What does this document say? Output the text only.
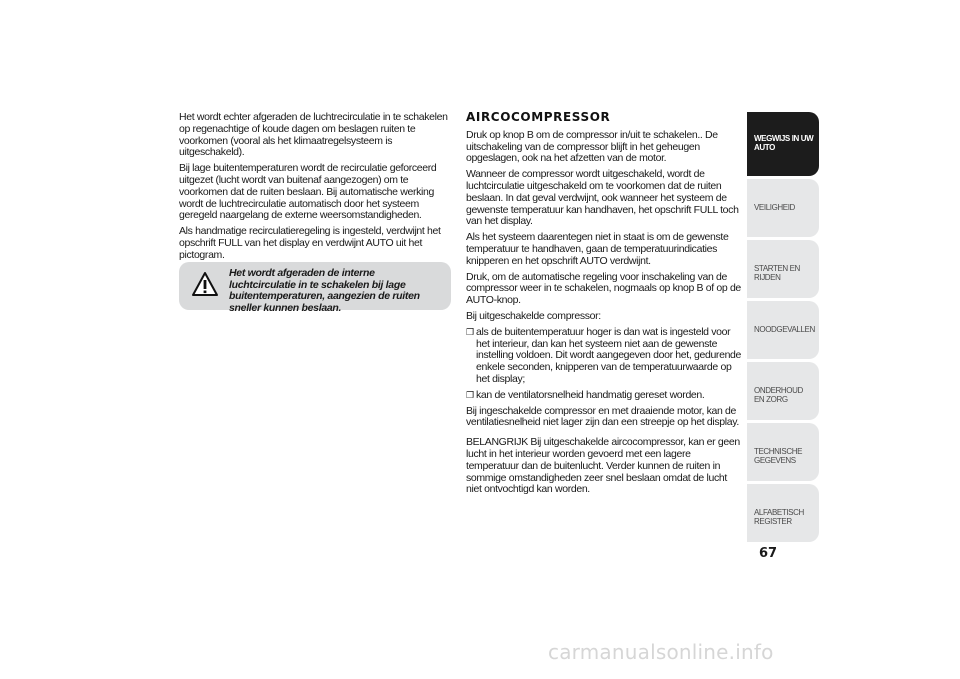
Het wordt echter afgeraden de luchtrecirculatie in te schakelen op regenachtige of koude dagen om beslagen ruiten te voorkomen (vooral als het klimaatregelsysteem is uitgeschakeld).

Bij lage buitentemperaturen wordt de recirculatie geforceerd uitgezet (lucht wordt van buitenaf aangezogen) om te voorkomen dat de ruiten beslaan. Bij automatische werking wordt de luchtrecirculatie automatisch door het systeem geregeld naargelang de externe weersomstandigheden.

Als handmatige recirculatieregeling is ingesteld, verdwijnt het opschrift FULL van het display en verdwijnt AUTO uit het pictogram.

Het wordt afgeraden de interne luchtcirculatie in te schakelen bij lage buitentemperaturen, aangezien de ruiten sneller kunnen beslaan.
AIRCOCOMPRESSOR

Druk op knop B om de compressor in/uit te schakelen.. De uitschakeling van de compressor blijft in het geheugen opgeslagen, ook na het afzetten van de motor.

Wanneer de compressor wordt uitgeschakeld, wordt de luchtcirculatie uitgeschakeld om te voorkomen dat de ruiten beslaan. In dat geval verdwijnt, ook wanneer het systeem de gewenste temperatuur kan handhaven, het opschrift FULL toch van het display.

Als het systeem daarentegen niet in staat is om de gewenste temperatuur te handhaven, gaan de temperatuurindicaties knipperen en het opschrift AUTO verdwijnt.

Druk, om de automatische regeling voor inschakeling van de compressor weer in te schakelen, nogmaals op knop B of op de AUTO-knop.

Bij uitgeschakelde compressor:

❒ als de buitentemperatuur hoger is dan wat is ingesteld voor het interieur, dan kan het systeem niet aan de gewenste instelling voldoen. Dit wordt aangegeven door het, gedurende enkele seconden, knipperen van de temperatuurwaarde op het display;

❒ kan de ventilatorsnelheid handmatig gereset worden.

Bij ingeschakelde compressor en met draaiende motor, kan de ventilatiesnelheid niet lager zijn dan een streepje op het display.

BELANGRIJK Bij uitgeschakelde aircocompressor, kan er geen lucht in het interieur worden gevoerd met een lagere temperatuur dan de buitenlucht. Verder kunnen de ruiten in sommige omstandigheden zeer snel beslaan omdat de lucht niet ontvochtigd kan worden.

WEGWIJS IN UW AUTO
VEILIGHEID
STARTEN EN RIJDEN
NOODGEVALLEN
ONDERHOUD EN ZORG
TECHNISCHE GEGEVENS
ALFABETISCH REGISTER
67
carmanualsonline.info
